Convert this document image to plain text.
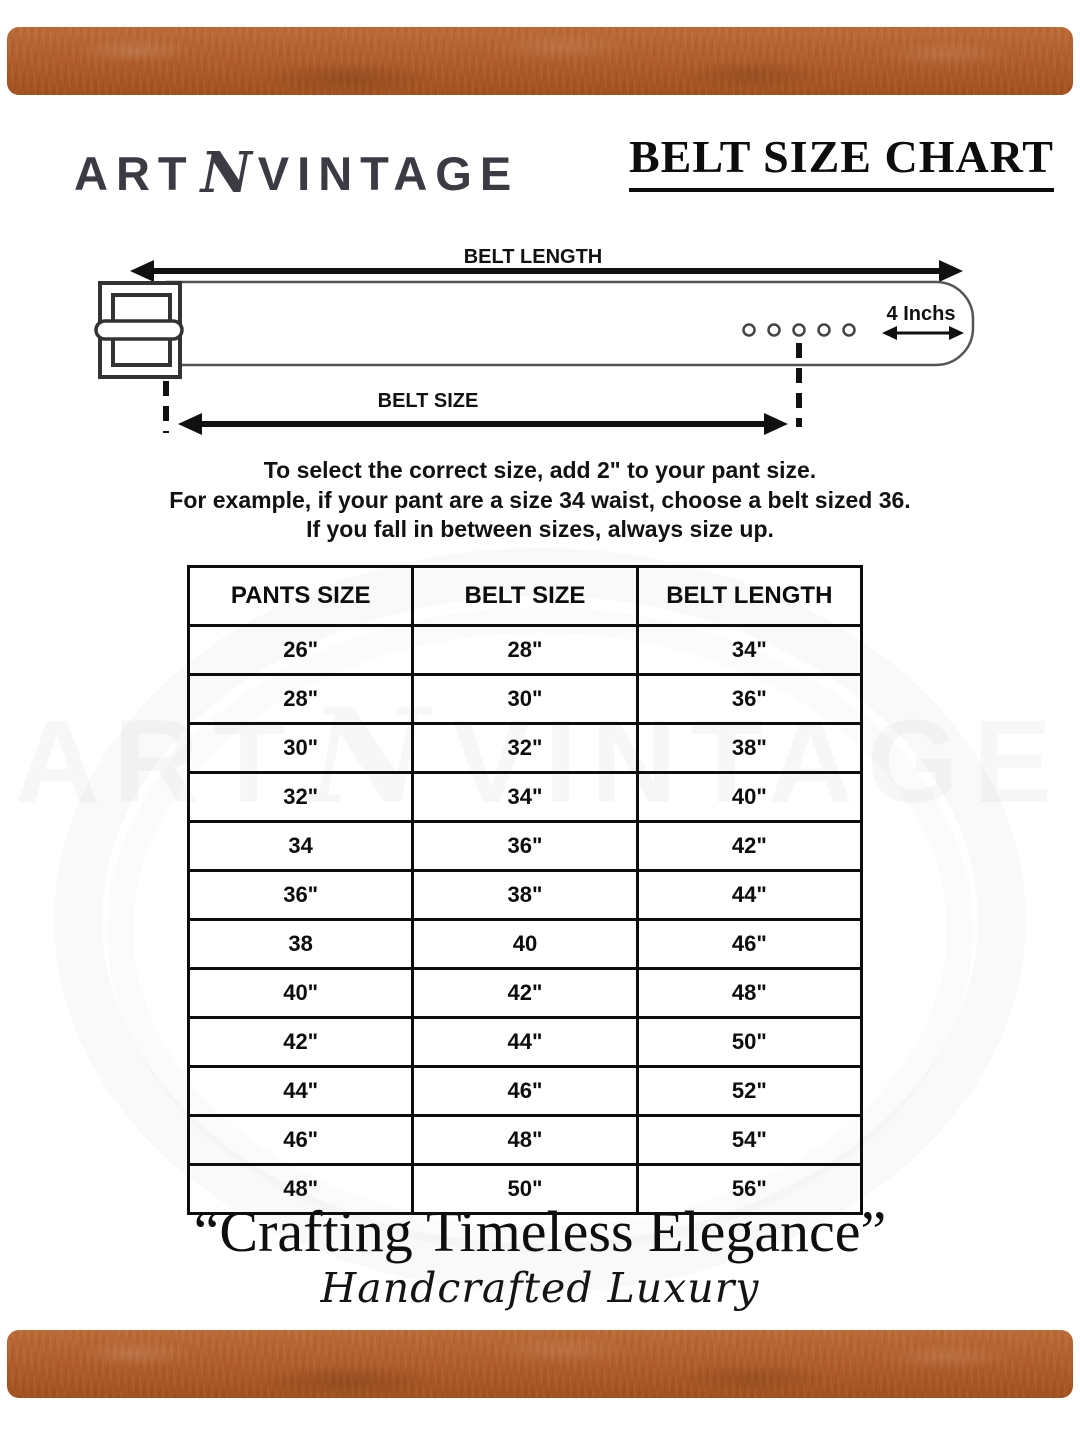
ART N VINTAGE BELT SIZE CHART
BELT LENGTH
4 Inchs
BELT SIZE
To select the correct size, add 2" to your pant size.
For example, if your pant are a size 34 waist, choose a belt sized 36.
If you fall in between sizes, always size up.
PANTS SIZE	BELT SIZE	BELT LENGTH
26"	28"	34"
28"	30"	36"
30"	32"	38"
32"	34"	40"
34	36"	42"
36"	38"	44"
38	40	46"
40"	42"	48"
42"	44"	50"
44"	46"	52"
46"	48"	54"
48"	50"	56"
“Crafting Timeless Elegance”
Handcrafted Luxury
